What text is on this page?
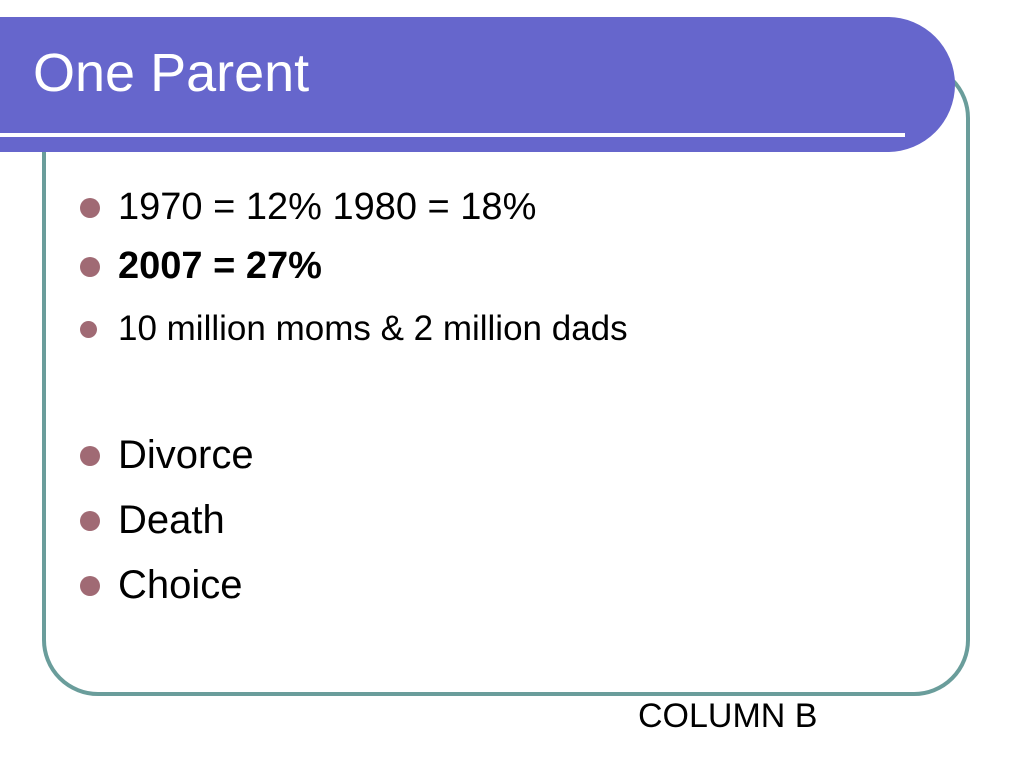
One Parent
1970 = 12% 1980 = 18%
2007 = 27%
10 million moms & 2 million dads
Divorce
Death
Choice
COLUMN B
